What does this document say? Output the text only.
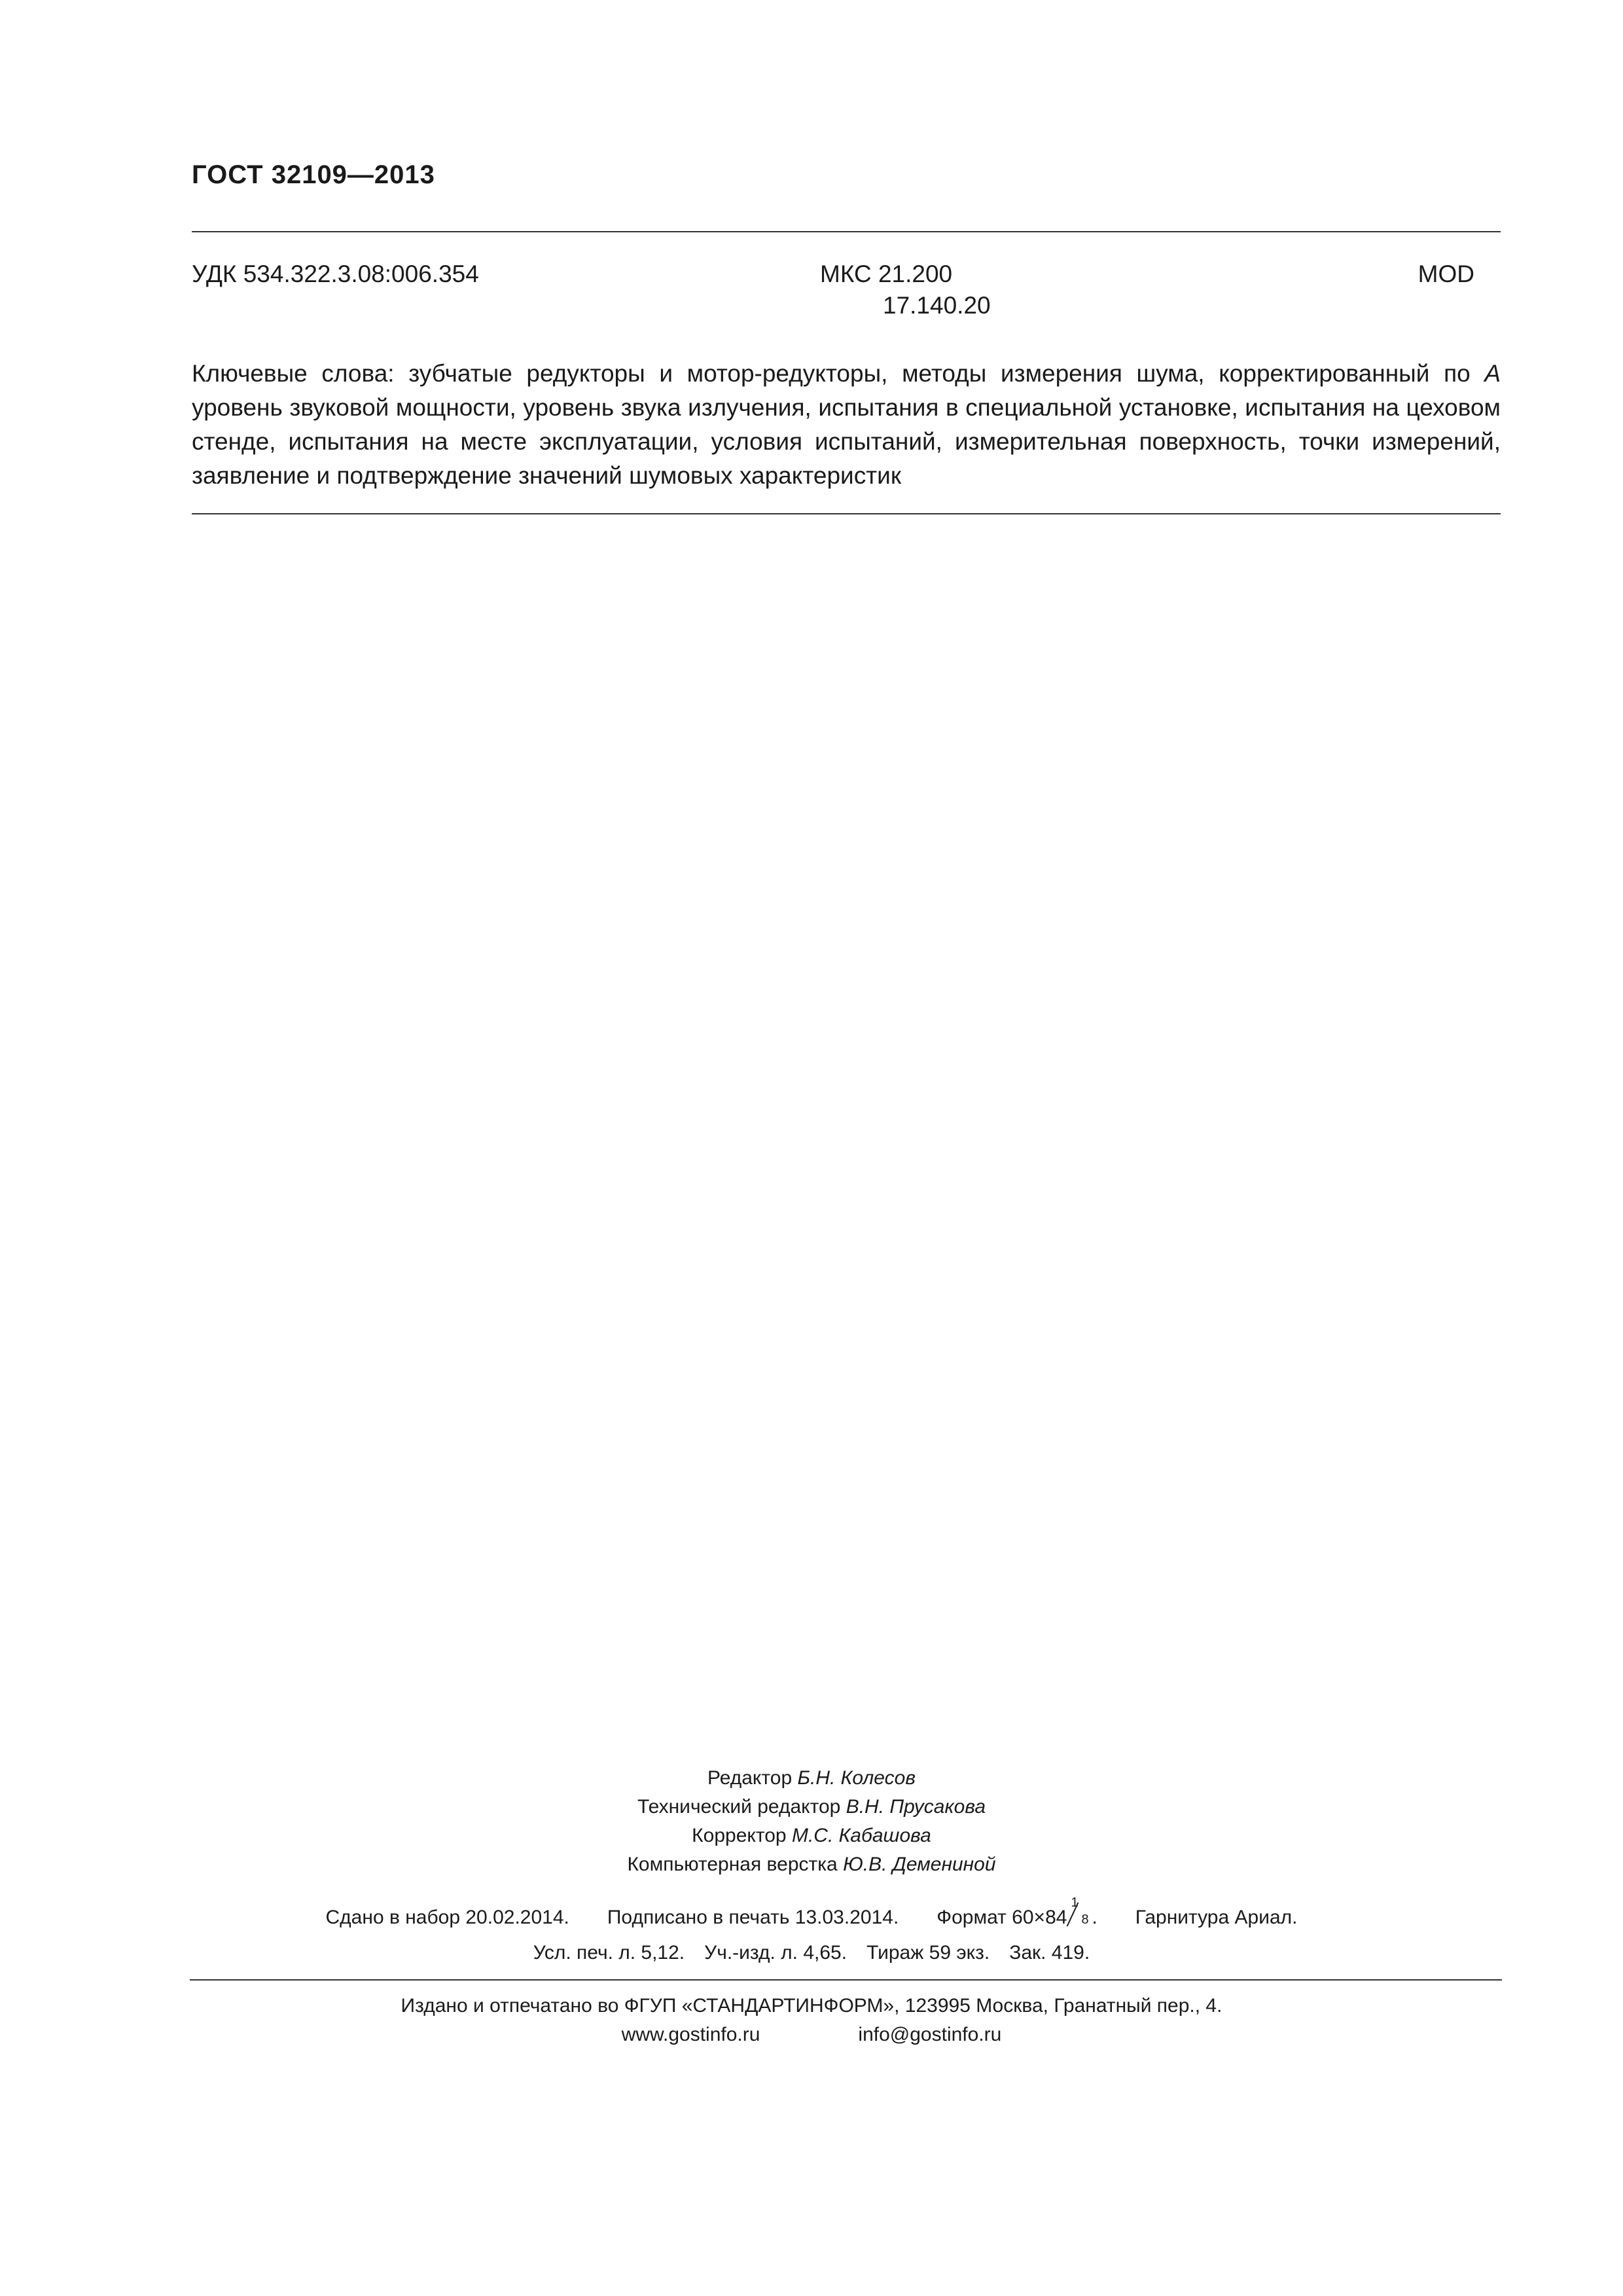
ГОСТ 32109—2013
УДК 534.322.3.08:006.354	МКС 21.200
17.140.20
MOD

Ключевые слова: зубчатые редукторы и мотор-редукторы, методы измерения шума, корректированный по A уровень звуковой мощности, уровень звука излучения, испытания в специальной установке, испытания на цеховом стенде, испытания на месте эксплуатации, условия испытаний, измерительная поверхность, точки измерений, заявление и подтверждение значений шумовых характеристик

Редактор Б.Н. Колесов
Технический редактор В.Н. Прусакова
Корректор М.С. Кабашова
Компьютерная верстка Ю.В. Демениной
Сдано в набор 20.02.2014. Подписано в печать 13.03.2014. Формат 60×84
1
8 . Гарнитура Ариал.
Усл. печ. л. 5,12. Уч.-изд. л. 4,65. Тираж 59 экз. Зак. 419.
Издано и отпечатано во ФГУП «СТАНДАРТИНФОРМ», 123995 Москва, Гранатный пер., 4.
www.gostinfo.ru	info@gostinfo.ru
